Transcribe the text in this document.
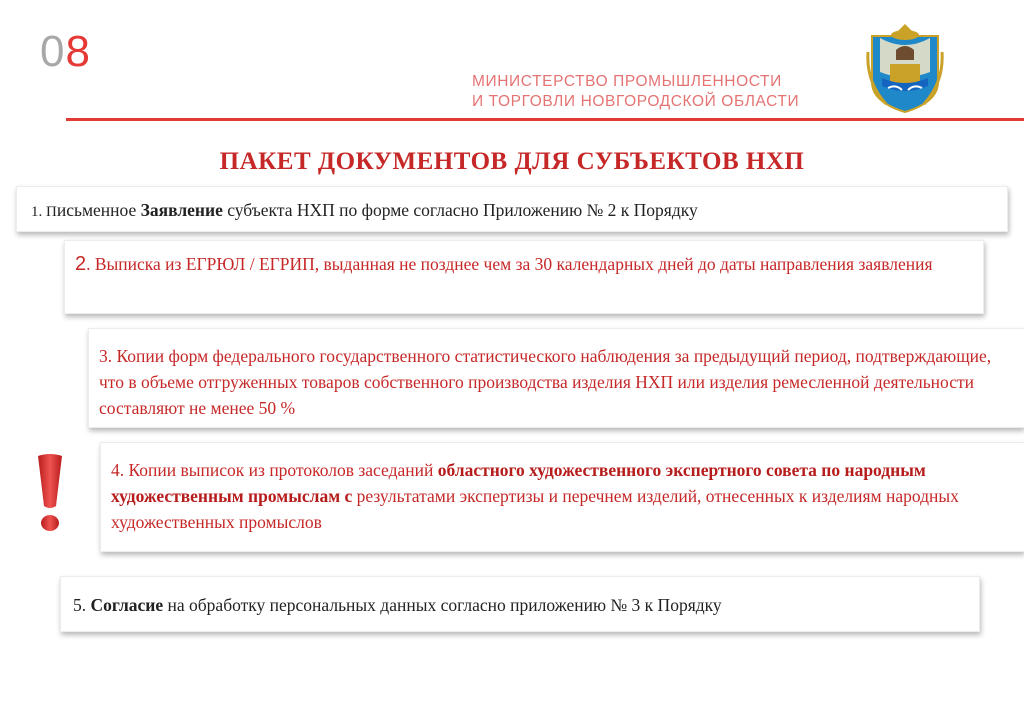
08
МИНИСТЕРСТВО ПРОМЫШЛЕННОСТИ
И ТОРГОВЛИ НОВГОРОДСКОЙ ОБЛАСТИ
ПАКЕТ ДОКУМЕНТОВ ДЛЯ СУБЪЕКТОВ НХП
1. Письменное Заявление субъекта НХП по форме согласно Приложению № 2 к Порядку
2. Выписка из ЕГРЮЛ / ЕГРИП, выданная не позднее чем за 30 календарных дней до даты направления заявления
3. Копии форм федерального государственного статистического наблюдения за предыдущий период, подтверждающие, что в объеме отгруженных товаров собственного производства изделия НХП или изделия ремесленной деятельности составляют не менее 50 %
4. Копии выписок из протоколов заседаний областного художественного экспертного совета по народным художественным промыслам с результатами экспертизы и перечнем изделий, отнесенных к изделиям народных художественных промыслов
5. Согласие на обработку персональных данных согласно приложению № 3 к Порядку
